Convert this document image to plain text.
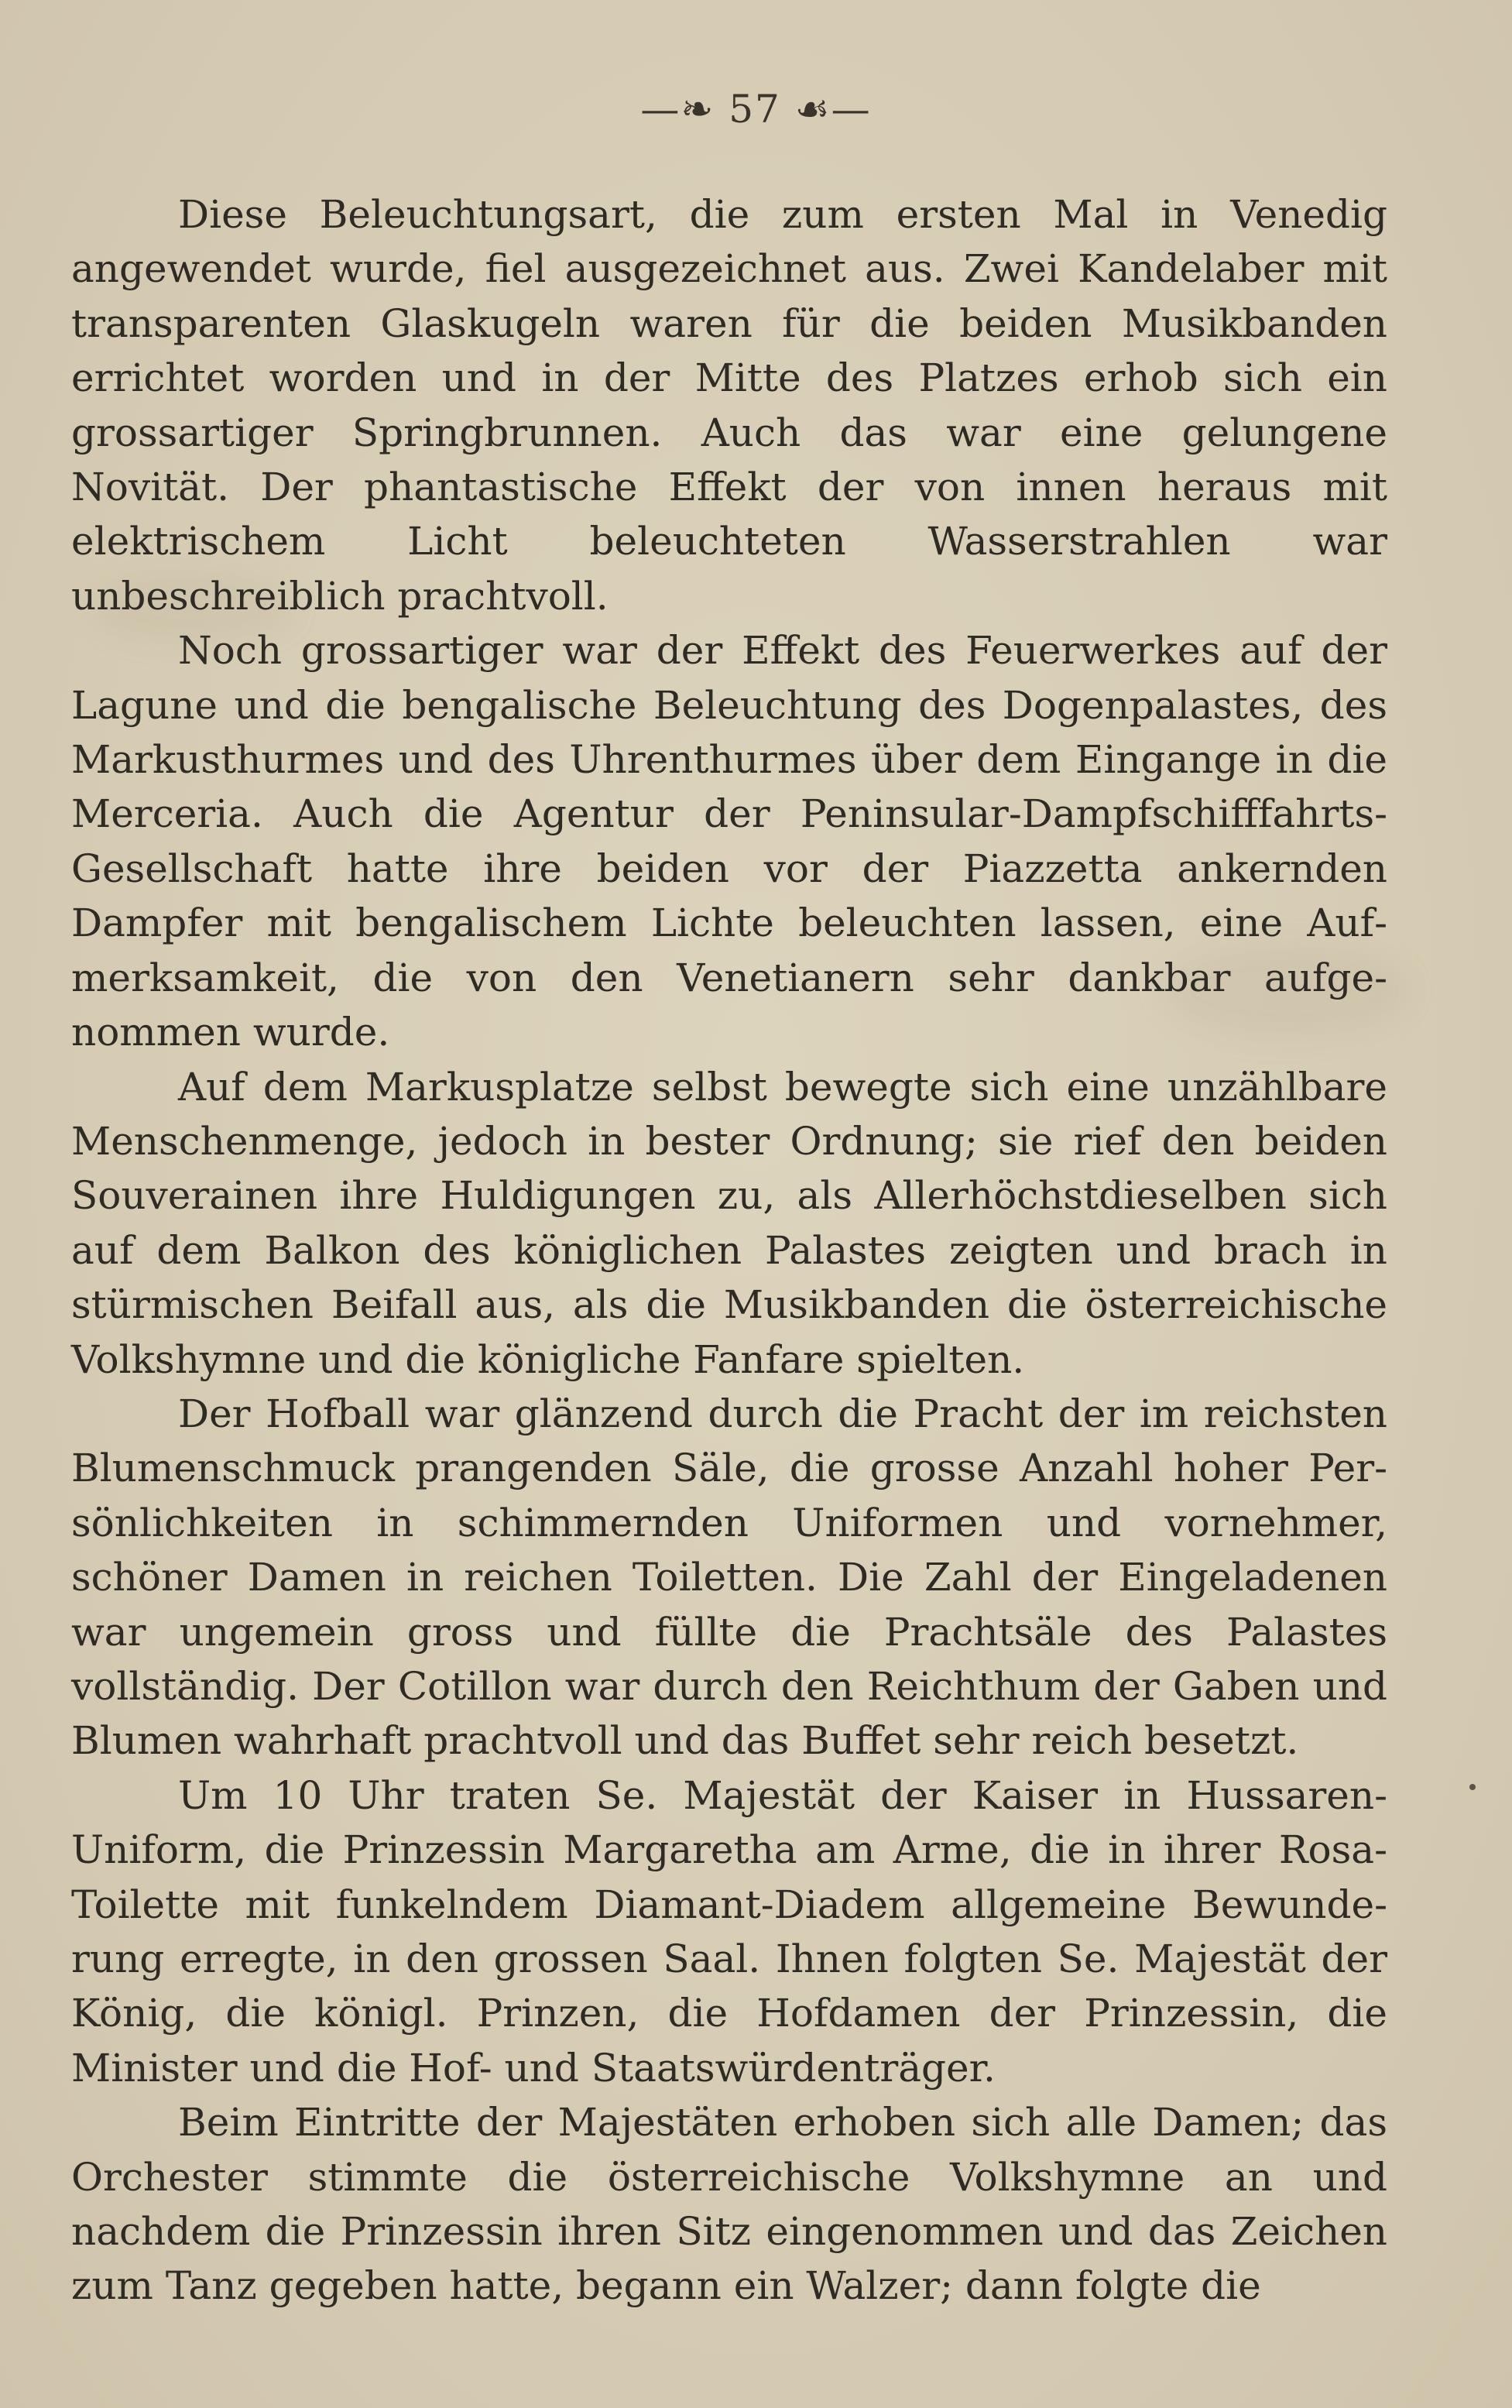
—❧ 57 ☙—

Diese Beleuchtungsart, die zum ersten Mal in Venedig angewendet wurde, fiel ausgezeichnet aus. Zwei Kandelaber mit transparenten Glaskugeln waren für die beiden Musikbanden errichtet worden und in der Mitte des Platzes erhob sich ein grossartiger Springbrunnen. Auch das war eine gelungene Novität. Der phantastische Effekt der von innen heraus mit elektrischem Licht beleuchteten Wasserstrahlen war unbeschreiblich prachtvoll.

Noch grossartiger war der Effekt des Feuerwerkes auf der Lagune und die bengalische Beleuchtung des Dogenpalastes, des Markusthurmes und des Uhrenthurmes über dem Eingange in die Merceria. Auch die Agentur der Peninsular-Dampfschifffahrts-Gesellschaft hatte ihre beiden vor der Piazzetta ankernden Dampfer mit bengalischem Lichte beleuchten lassen, eine Aufmerksamkeit, die von den Venetianern sehr dankbar aufgenommen wurde.

Auf dem Markusplatze selbst bewegte sich eine unzählbare Menschenmenge, jedoch in bester Ordnung; sie rief den beiden Souverainen ihre Huldigungen zu, als Allerhöchstdieselben sich auf dem Balkon des königlichen Palastes zeigten und brach in stürmischen Beifall aus, als die Musikbanden die österreichische Volkshymne und die königliche Fanfare spielten.

Der Hofball war glänzend durch die Pracht der im reichsten Blumenschmuck prangenden Säle, die grosse Anzahl hoher Persönlichkeiten in schimmernden Uniformen und vornehmer, schöner Damen in reichen Toiletten. Die Zahl der Eingeladenen war ungemein gross und füllte die Prachtsäle des Palastes vollständig. Der Cotillon war durch den Reichthum der Gaben und Blumen wahrhaft prachtvoll und das Buffet sehr reich besetzt.

Um 10 Uhr traten Se. Majestät der Kaiser in Hussaren-Uniform, die Prinzessin Margaretha am Arme, die in ihrer Rosa-Toilette mit funkelndem Diamant-Diadem allgemeine Bewunderung erregte, in den grossen Saal. Ihnen folgten Se. Majestät der König, die königl. Prinzen, die Hofdamen der Prinzessin, die Minister und die Hof- und Staatswürdenträger.

Beim Eintritte der Majestäten erhoben sich alle Damen; das Orchester stimmte die österreichische Volkshymne an und nachdem die Prinzessin ihren Sitz eingenommen und das Zeichen zum Tanz gegeben hatte, begann ein Walzer; dann folgte die
